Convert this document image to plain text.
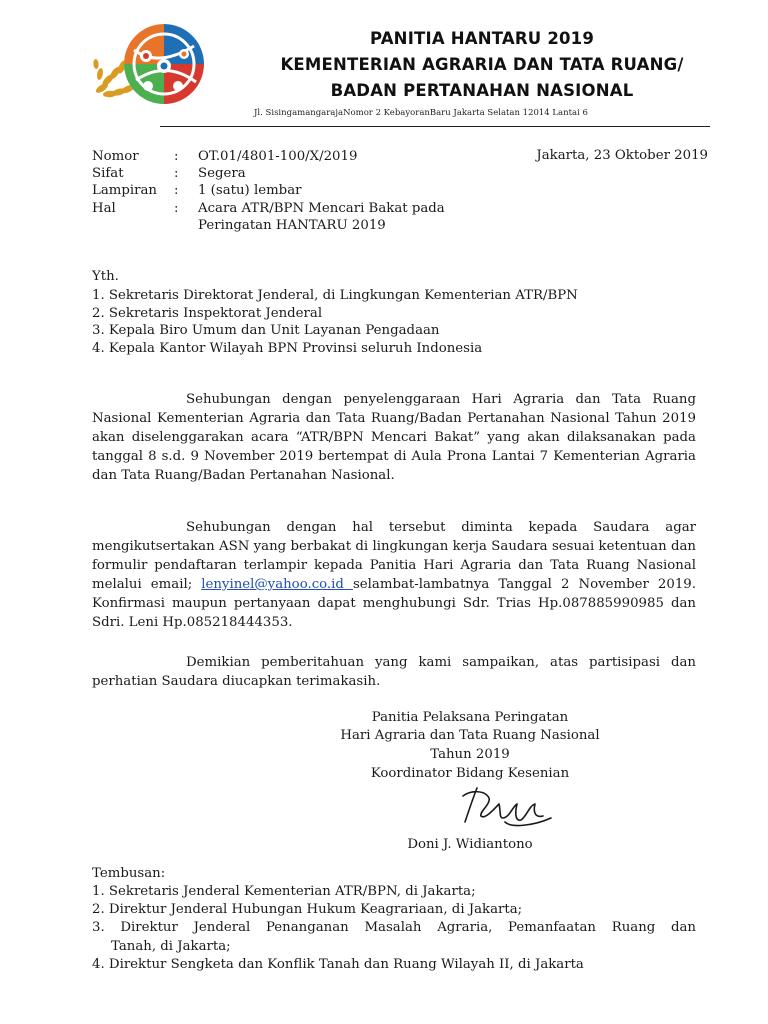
PANITIA HANTARU 2019
KEMENTERIAN AGRARIA DAN TATA RUANG/
BADAN PERTANAHAN NASIONAL
Jl. SisingamangarajaNomor 2 KebayoranBaru Jakarta Selatan 12014 Lantai 6
Nomor	: OT.01/4801-100/X/2019	Jakarta, 23 Oktober 2019
Sifat	: Segera
Lampiran	: 1 (satu) lembar
Hal	: Acara ATR/BPN Mencari Bakat pada
Peringatan HANTARU 2019
Yth.
1. Sekretaris Direktorat Jenderal, di Lingkungan Kementerian ATR/BPN
2. Sekretaris Inspektorat Jenderal
3. Kepala Biro Umum dan Unit Layanan Pengadaan
4. Kepala Kantor Wilayah BPN Provinsi seluruh Indonesia
Sehubungan dengan penyelenggaraan Hari Agraria dan Tata Ruang Nasional Kementerian Agraria dan Tata Ruang/Badan Pertanahan Nasional Tahun 2019 akan diselenggarakan acara “ATR/BPN Mencari Bakat” yang akan dilaksanakan pada tanggal 8 s.d. 9 November 2019 bertempat di Aula Prona Lantai 7 Kementerian Agraria dan Tata Ruang/Badan Pertanahan Nasional.
Sehubungan dengan hal tersebut diminta kepada Saudara agar mengikutsertakan ASN yang berbakat di lingkungan kerja Saudara sesuai ketentuan dan formulir pendaftaran terlampir kepada Panitia Hari Agraria dan Tata Ruang Nasional melalui email; lenyinel@yahoo.co.id selambat-lambatnya Tanggal 2 November 2019. Konfirmasi maupun pertanyaan dapat menghubungi Sdr. Trias Hp.087885990985 dan Sdri. Leni Hp.085218444353.
Demikian pemberitahuan yang kami sampaikan, atas partisipasi dan perhatian Saudara diucapkan terimakasih.
Panitia Pelaksana Peringatan
Hari Agraria dan Tata Ruang Nasional
Tahun 2019
Koordinator Bidang Kesenian
Doni J. Widiantono
Tembusan:
1. Sekretaris Jenderal Kementerian ATR/BPN, di Jakarta;
2. Direktur Jenderal Hubungan Hukum Keagrariaan, di Jakarta;
3. Direktur Jenderal Penanganan Masalah Agraria, Pemanfaatan Ruang dan
Tanah, di Jakarta;
4. Direktur Sengketa dan Konflik Tanah dan Ruang Wilayah II, di Jakarta
